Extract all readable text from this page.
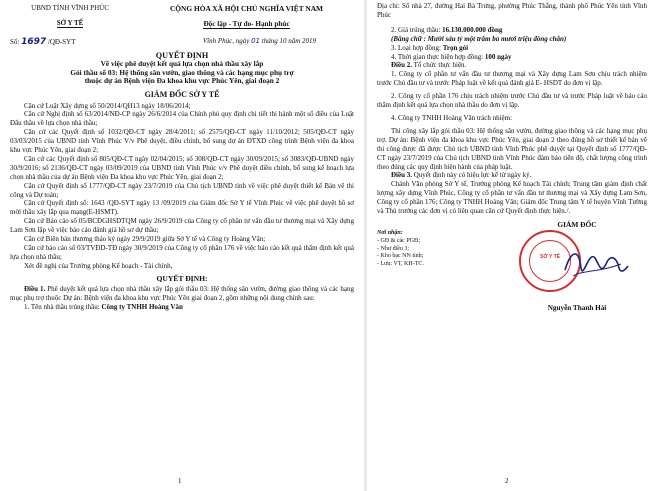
UBND TỈNH VĨNH PHÚC
SỞ Y TẾ
CỘNG HÒA XÃ HỘI CHỦ NGHĨA VIỆT NAM
Độc lập - Tự do- Hạnh phúc
Số: 1697 /QĐ-SYT	Vĩnh Phúc, ngày 01 tháng 10 năm 2019
QUYẾT ĐỊNH
Về việc phê duyệt kết quả lựa chọn nhà thầu xây lắp
Gói thầu số 03: Hệ thống sân vườn, giao thông và các hạng mục phụ trợ
thuộc dự án Bệnh viện Đa khoa khu vực Phúc Yên, giai đoạn 2
GIÁM ĐỐC SỞ Y TẾ

Căn cứ Luật Xây dựng số 50/2014/QH13 ngày 18/06/2014;

Căn cứ Nghị định số 63/2014/NĐ-CP ngày 26/6/2014 của Chính phủ quy định chi tiết thi hành một số điều của Luật Đấu thầu về lựa chọn nhà thầu;

Căn cứ các Quyết định số 1032/QĐ-CT ngày 28/4/2011; số 2575/QĐ-CT ngày 11/10/2012; 505/QĐ-CT ngày 03/03/2015 của UBND tỉnh Vĩnh Phúc V/v Phê duyệt, điều chỉnh, bổ sung dự án ĐTXD công trình Bệnh viện đa khoa khu vực Phúc Yên, giai đoạn 2;

Căn cứ các Quyết định số 805/QĐ-CT ngày 02/04/2015; số 308/QĐ-CT ngày 30/09/2015; số 3083/QĐ-UBND ngày 30/9/2016; số 2136/QĐ-CT ngày 03/09/2019 của UBND tỉnh Vĩnh Phúc v/v Phê duyệt điều chỉnh, bổ sung kế hoạch lựa chọn nhà thầu của dự án Bệnh viện Đa khoa khu vực Phúc Yên, giai đoạn 2;

Căn cứ Quyết định số 1777/QĐ-CT ngày 23/7/2019 của Chủ tịch UBND tỉnh về việc phê duyệt thiết kế Bản vẽ thi công và Dự toán;

Căn cứ Quyết định số: 1643 /QĐ-SYT ngày 13 /09/2019 của Giám đốc Sở Y tế Vĩnh Phúc về việc phê duyệt hồ sơ mời thầu xây lắp qua mạng(E-HSMT).

Căn cứ Báo cáo số 05/BCĐGHSDTQM ngày 26/9/2019 của Công ty cổ phần tư vấn đầu tư thương mại và Xây dựng Lam Sơn lập về việc báo cáo đánh giá hồ sơ dự thầu;

Căn cứ Biên bản thương thảo ký ngày 29/9/2019 giữa Sở Y tế và Công ty Hoàng Vân;

Căn cứ báo cáo số 03/TVĐD-TĐ ngày 30/9/2019 của Công ty cổ phần 176 về việc báo cáo kết quả thẩm định kết quả lựa chọn nhà thầu;

Xét đề nghị của Trưởng phòng Kế hoạch - Tài chính,

QUYẾT ĐỊNH:

Điều 1. Phê duyệt kết quả lựa chọn nhà thầu xây lắp gói thầu 03: Hệ thống sân vườn, đường giao thông và các hạng mục phụ trợ thuộc Dự án: Bệnh viện đa khoa khu vực Phúc Yên giai đoạn 2, gồm những nội dung chính sau:

1. Tên nhà thầu trúng thầu: Công ty TNHH Hoàng Vân

1

Địa chỉ: Số nhà 27, đường Hai Bà Trưng, phường Phúc Thắng, thành phố Phúc Yên tỉnh Vĩnh Phúc

2. Giá trúng thầu: 16.130.000.000 đồng

(Bằng chữ : Mười sáu tỷ một trăm ba mươi triệu đồng chẵn)

3. Loại hợp đồng: Trọn gói

4. Thời gian thực hiện hợp đồng: 100 ngày

Điều 2. Tổ chức thực hiện.

1. Công ty cổ phần tư vấn đầu tư thương mại và Xây dựng Lam Sơn chịu trách nhiệm trước Chủ đầu tư và trước Pháp luật về kết quả đánh giá E- HSDT do đơn vị lập.

2. Công ty cổ phần 176 chịu trách nhiệm trước Chủ đầu tư và trước Pháp luật về báo cáo thẩm định kết quả lựa chọn nhà thầu do đơn vị lập.

4. Công ty TNHH Hoàng Vân trách nhiệm:

Thi công xây lắp gói thầu 03: Hệ thống sân vườn, đường giao thông và các hạng mục phụ trợ. Dự án: Bệnh viện đa khoa khu vực Phúc Yên, giai đoạn 2 theo đúng hồ sơ thiết kế bản vẽ thi công được đã được Chủ tịch UBND tỉnh Vĩnh Phúc phê duyệt tại Quyết định số 1777/QĐ-CT ngày 23/7/2019 của Chủ tịch UBND tỉnh Vĩnh Phúc đảm bảo tiến độ, chất lượng công trình theo đúng các quy định hiện hành của pháp luật.

Điều 3. Quyết định này có hiệu lực kể từ ngày ký.

Chánh Văn phòng Sở Y tế, Trưởng phòng Kế hoạch Tài chính; Trung tâm giám định chất lượng xây dựng Vĩnh Phúc, Công ty cổ phần tư vấn đầu tư thương mại và Xây dựng Lam Sơn, Công ty cổ phần 176; Công ty TNHH Hoàng Vân; Giám đốc Trung tâm Y tế huyện Vĩnh Tường và Thủ trưởng các đơn vị có liên quan căn cứ Quyết định thực hiện./.

Nơi nhận:
- GĐ & các PGĐ;
- Như điều 3;
- Kho bạc NN tỉnh;
- Lưu: VT, KH-TC.
GIÁM ĐỐC
SỞ Y TẾ
Nguyễn Thanh Hải
2
